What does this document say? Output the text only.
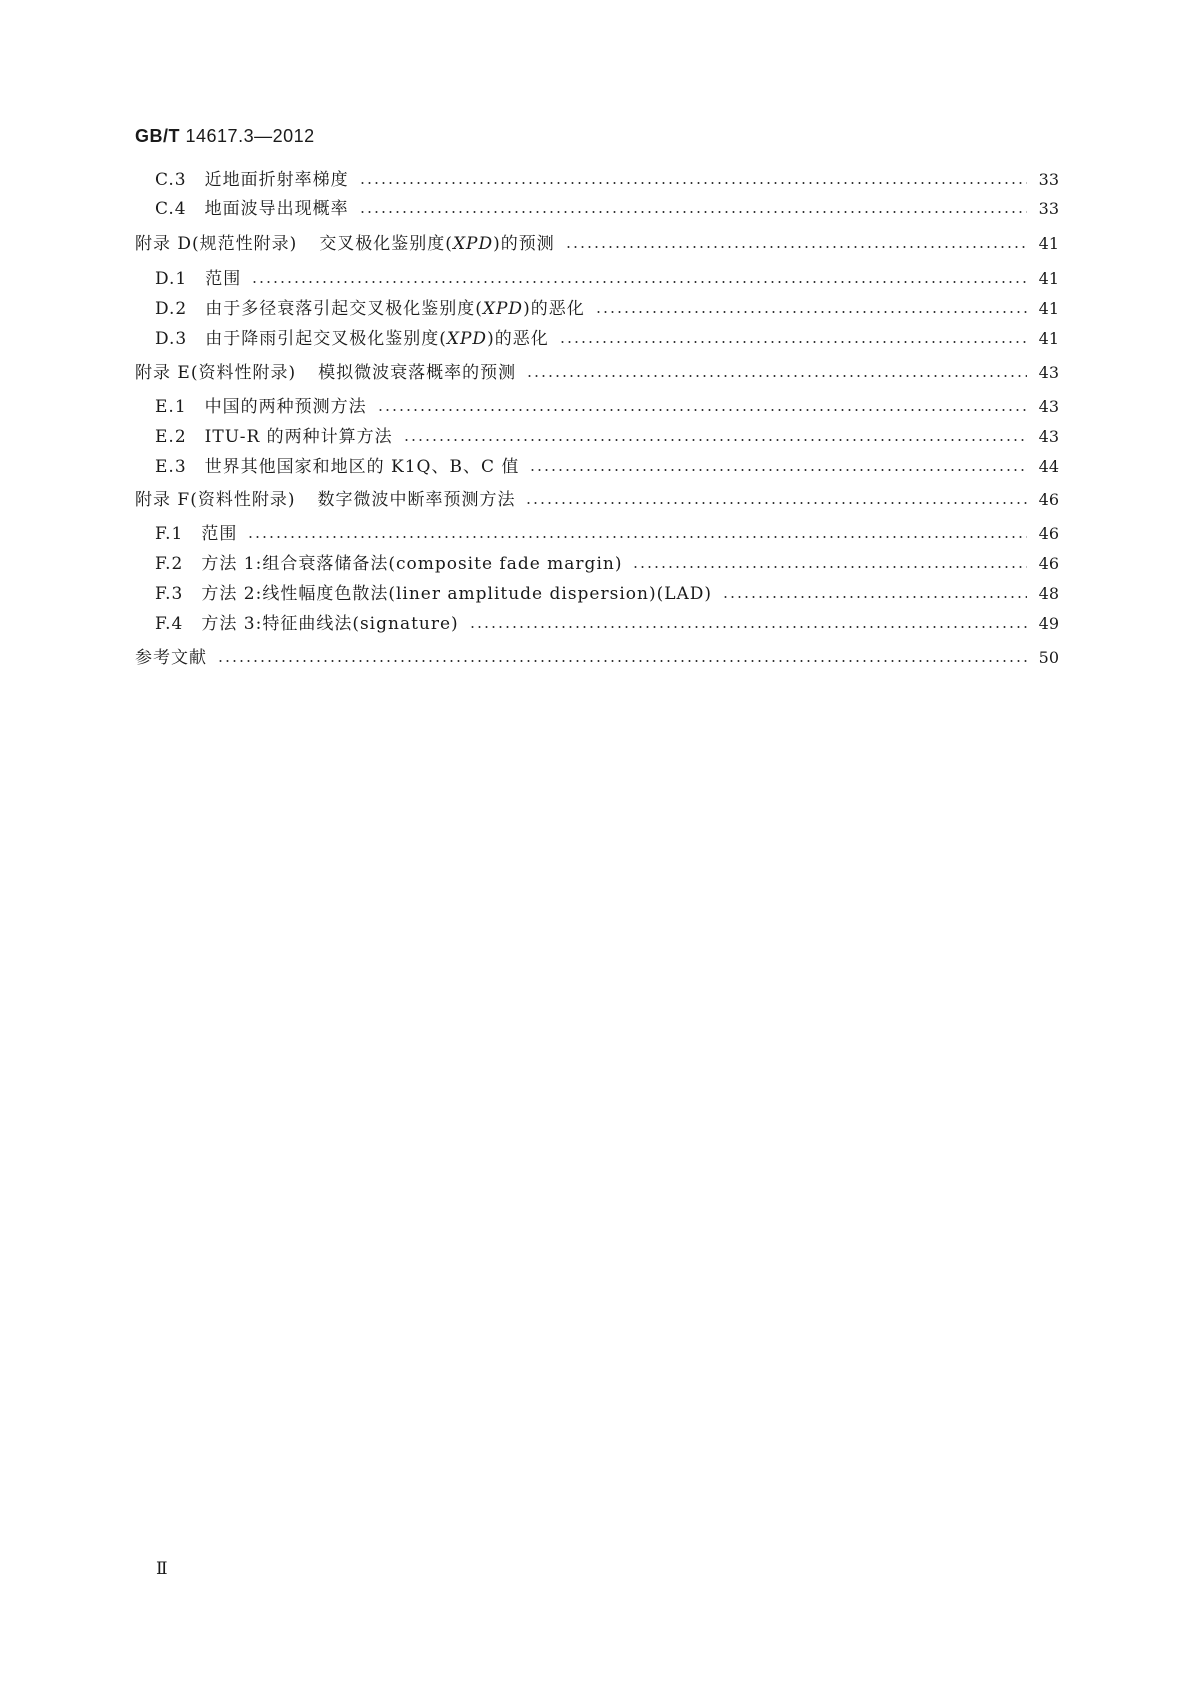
GB/T 14617.3—2012
C.3 近地面折射率梯度	33
C.4 地面波导出现概率	33
附录 D(规范性附录) 交叉极化鉴别度(XPD)的预测	41
D.1 范围	41
D.2 由于多径衰落引起交叉极化鉴别度(XPD)的恶化	41
D.3 由于降雨引起交叉极化鉴别度(XPD)的恶化	41
附录 E(资料性附录) 模拟微波衰落概率的预测	43
E.1 中国的两种预测方法	43
E.2 ITU-R 的两种计算方法	43
E.3 世界其他国家和地区的 K1Q、B、C 值	44
附录 F(资料性附录) 数字微波中断率预测方法	46
F.1 范围	46
F.2 方法 1:组合衰落储备法(composite fade margin)	46
F.3 方法 2:线性幅度色散法(liner amplitude dispersion)(LAD)	48
F.4 方法 3:特征曲线法(signature)	49
参考文献	50
Ⅱ
